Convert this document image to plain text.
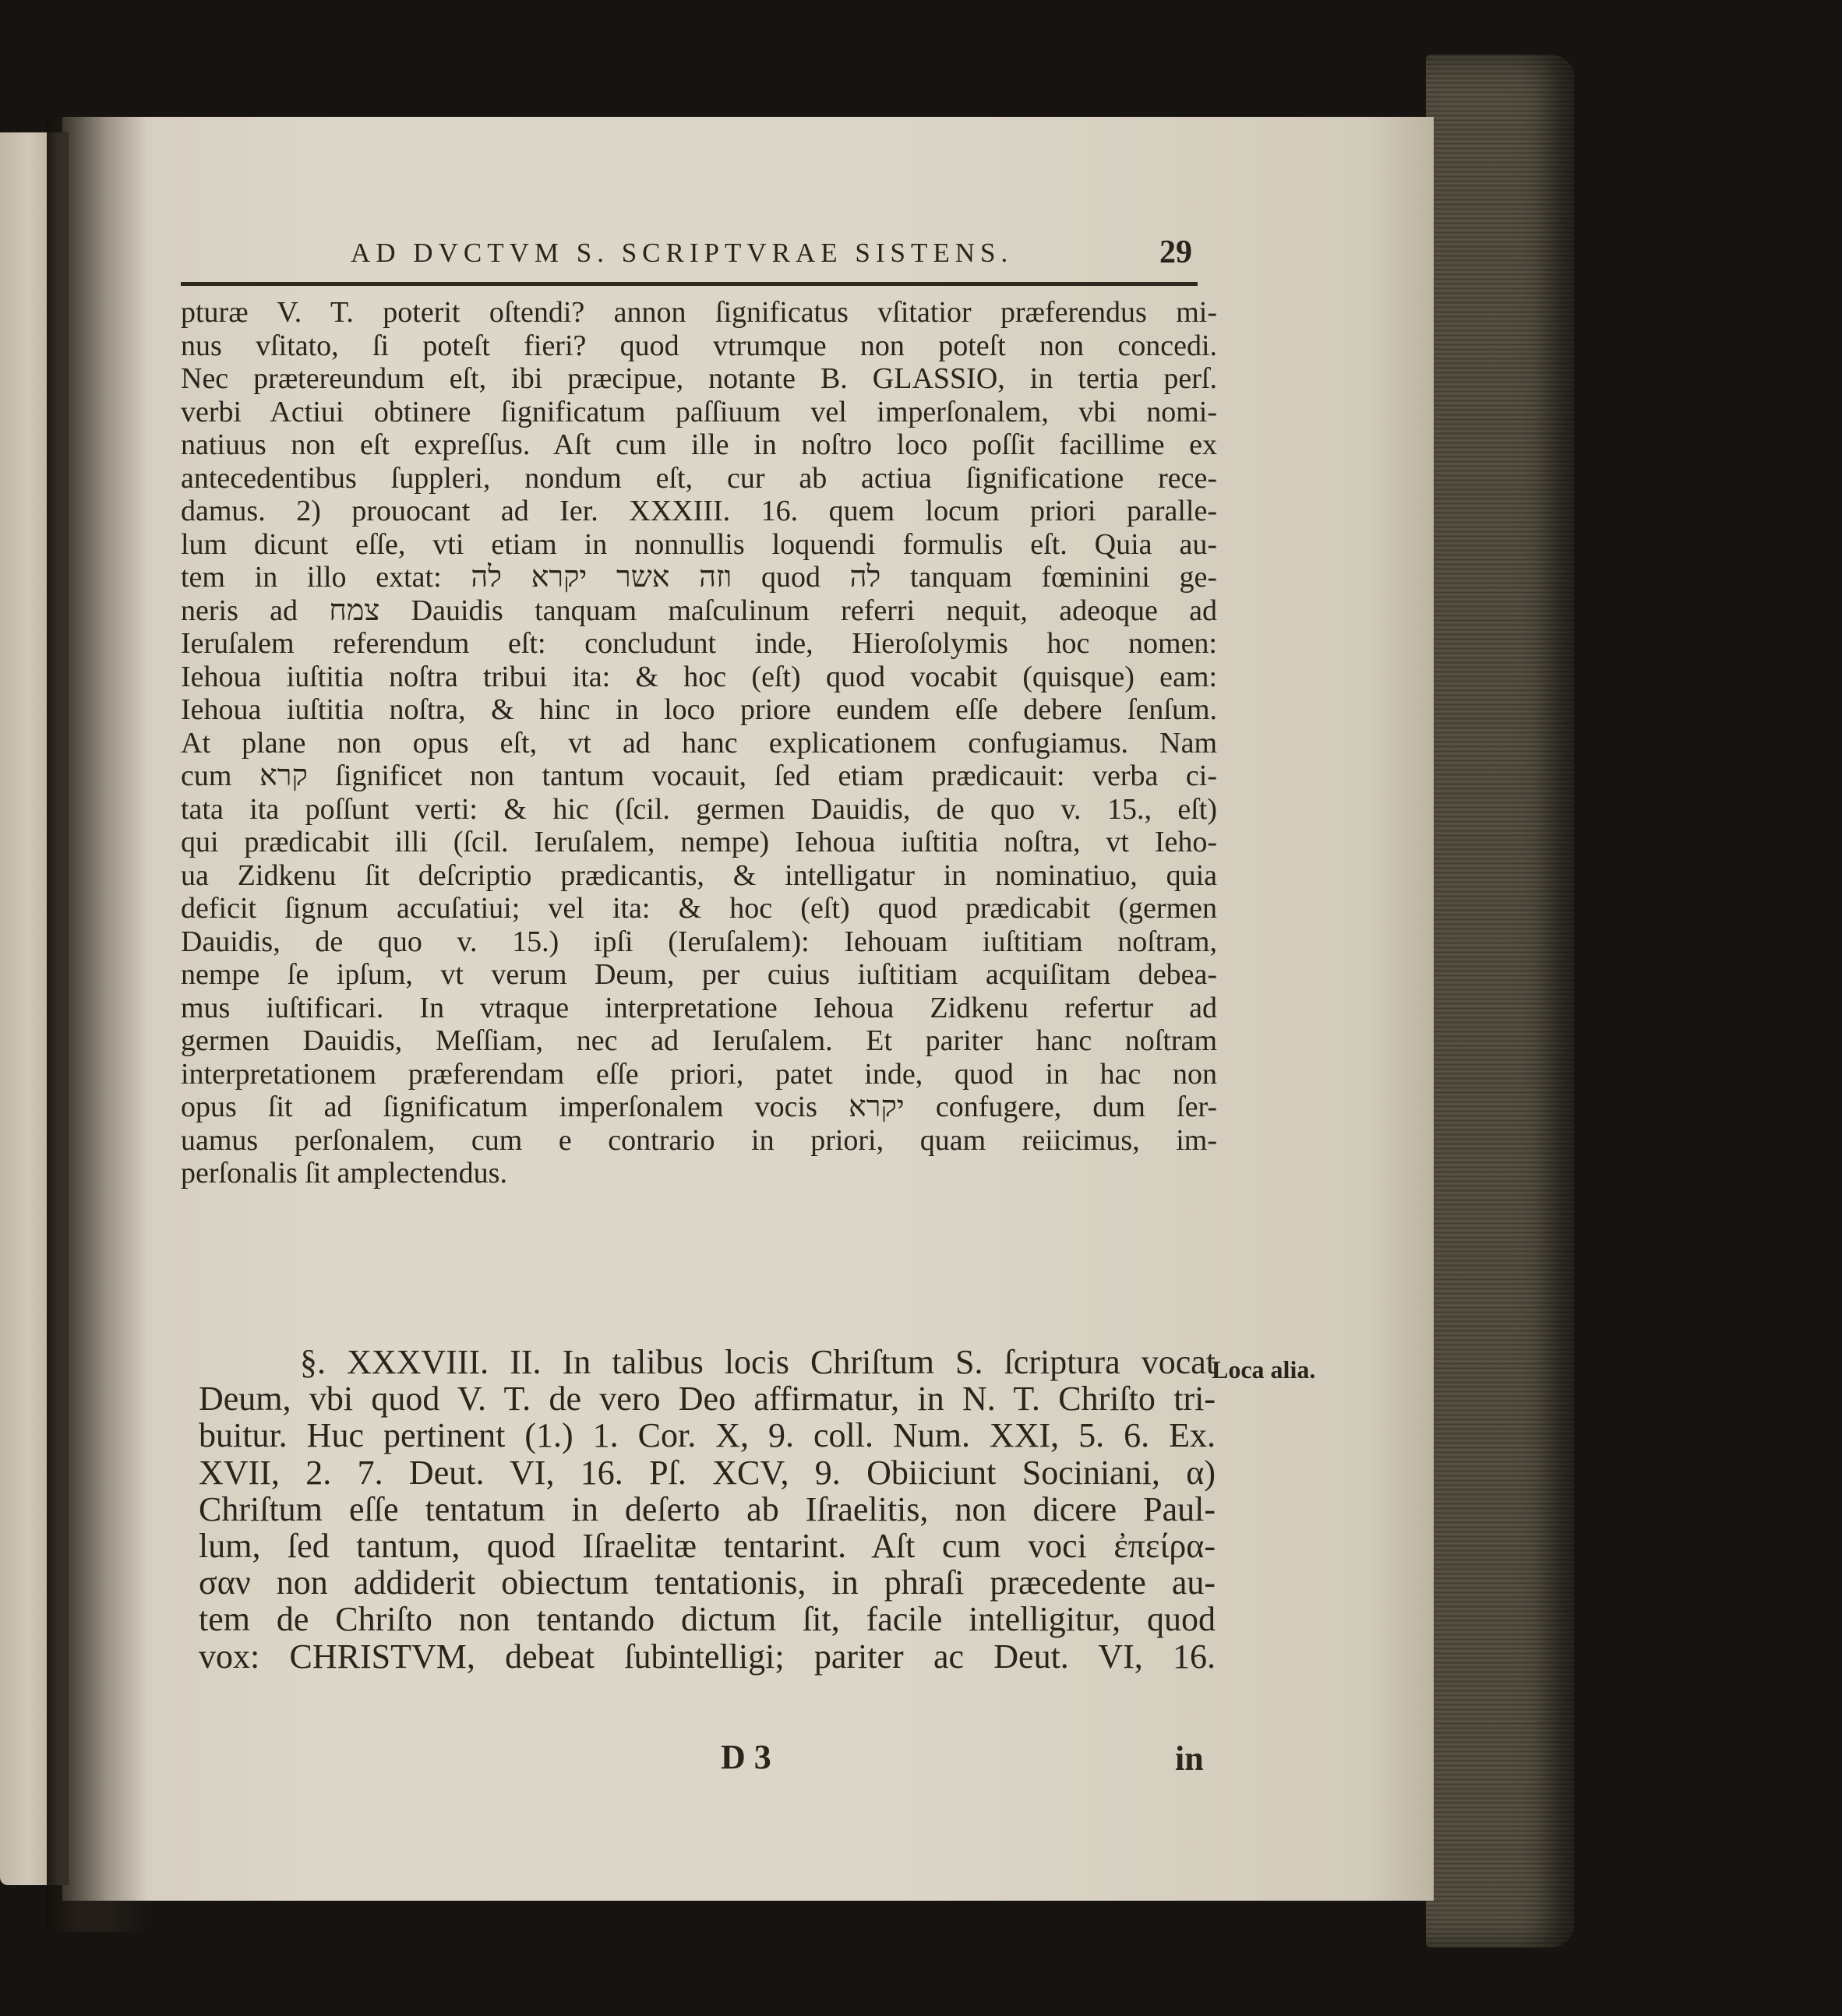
AD DVCTVM S. SCRIPTVRAE SISTENS.	29
pturæ V. T. poterit oſtendi? annon ſignificatus vſitatior præferendus mi-
nus vſitato, ſi poteſt fieri? quod vtrumque non poteſt non concedi.
Nec prætereundum eſt, ibi præcipue, notante B. GLASSIO, in tertia perſ.
verbi Actiui obtinere ſignificatum paſſiuum vel imperſonalem, vbi nomi-
natiuus non eſt expreſſus. Aſt cum ille in noſtro loco poſſit facillime ex
antecedentibus ſuppleri, nondum eſt, cur ab actiua ſignificatione rece-
damus. 2) prouocant ad Ier. XXXIII. 16. quem locum priori paralle-
lum dicunt eſſe, vti etiam in nonnullis loquendi formulis eſt. Quia au-
tem in illo extat: וזה אשר יקרא לה quod לה tanquam fœminini ge-
neris ad צמח Dauidis tanquam maſculinum referri nequit, adeoque ad
Ieruſalem referendum eſt: concludunt inde, Hieroſolymis hoc nomen:
Iehoua iuſtitia noſtra tribui ita: & hoc (eſt) quod vocabit (quisque) eam:
Iehoua iuſtitia noſtra, & hinc in loco priore eundem eſſe debere ſenſum.
At plane non opus eſt, vt ad hanc explicationem confugiamus. Nam
cum קרא ſignificet non tantum vocauit, ſed etiam prædicauit: verba ci-
tata ita poſſunt verti: & hic (ſcil. germen Dauidis, de quo v. 15., eſt)
qui prædicabit illi (ſcil. Ieruſalem, nempe) Iehoua iuſtitia noſtra, vt Ieho-
ua Zidkenu ſit deſcriptio prædicantis, & intelligatur in nominatiuo, quia
deficit ſignum accuſatiui; vel ita: & hoc (eſt) quod prædicabit (germen
Dauidis, de quo v. 15.) ipſi (Ieruſalem): Iehouam iuſtitiam noſtram,
nempe ſe ipſum, vt verum Deum, per cuius iuſtitiam acquiſitam debea-
mus iuſtificari. In vtraque interpretatione Iehoua Zidkenu refertur ad
germen Dauidis, Meſſiam, nec ad Ieruſalem. Et pariter hanc noſtram
interpretationem præferendam eſſe priori, patet inde, quod in hac non
opus ſit ad ſignificatum imperſonalem vocis יקרא confugere, dum ſer-
uamus perſonalem, cum e contrario in priori, quam reiicimus, im-
perſonalis ſit amplectendus.
§. XXXVIII. II. In talibus locis Chriſtum S. ſcriptura vocat
Deum, vbi quod V. T. de vero Deo affirmatur, in N. T. Chriſto tri-
buitur. Huc pertinent (1.) 1. Cor. X, 9. coll. Num. XXI, 5. 6. Ex.
XVII, 2. 7. Deut. VI, 16. Pſ. XCV, 9. Obiiciunt Sociniani, α)
Chriſtum eſſe tentatum in deſerto ab Iſraelitis, non dicere Paul-
lum, ſed tantum, quod Iſraelitæ tentarint. Aſt cum voci ἐπείρα-
σαν non addiderit obiectum tentationis, in phraſi præcedente au-
tem de Chriſto non tentando dictum ſit, facile intelligitur, quod
vox: CHRISTVM, debeat ſubintelligi; pariter ac Deut. VI, 16.
Loca alia.
D 3	in
